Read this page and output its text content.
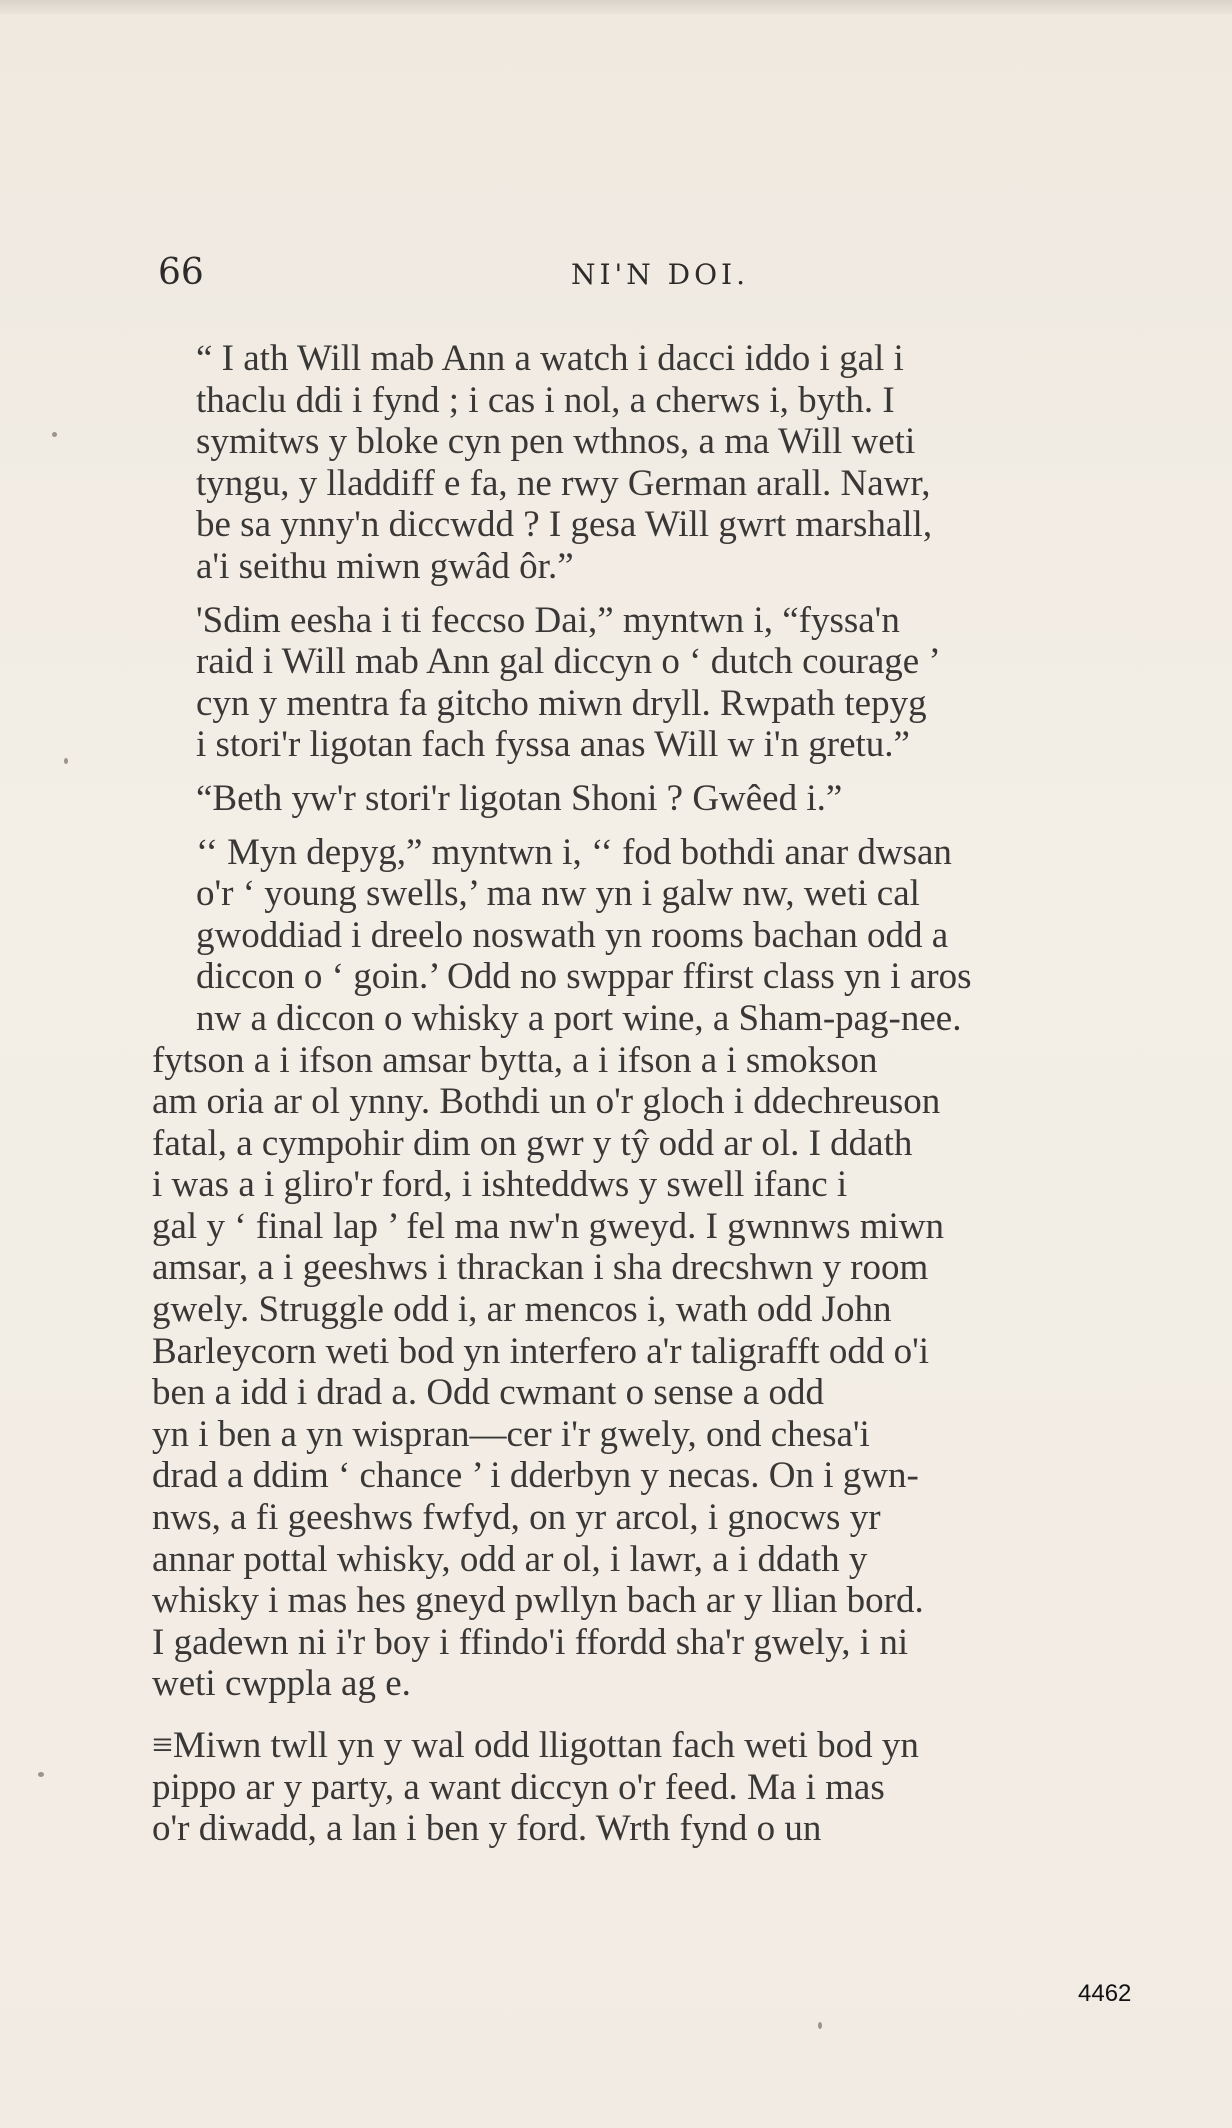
66	NI'N DOI.

“ I ath Will mab Ann a watch i dacci iddo i gal i
thaclu ddi i fynd ; i cas i nol, a cherws i, byth. I
symitws y bloke cyn pen wthnos, a ma Will weti
tyngu, y lladdiff e fa, ne rwy German arall. Nawr,
be sa ynny'n diccwdd ? I gesa Will gwrt marshall,
a'i seithu miwn gwâd ôr.”

'Sdim eesha i ti feccso Dai,” myntwn i, “fyssa'n
raid i Will mab Ann gal diccyn o ‘ dutch courage ’
cyn y mentra fa gitcho miwn dryll. Rwpath tepyg
i stori'r ligotan fach fyssa anas Will w i'n gretu.”

“Beth yw'r stori'r ligotan Shoni ? Gwêed i.”

‘‘ Myn depyg,” myntwn i, ‘‘ fod bothdi anar dwsan
o'r ‘ young swells,’ ma nw yn i galw nw, weti cal
gwoddiad i dreelo noswath yn rooms bachan odd a
diccon o ‘ goin.’ Odd no swppar ffirst class yn i aros
nw a diccon o whisky a port wine, a Sham-pag-nee.

fytson a i ifson amsar bytta, a i ifson a i smokson
am oria ar ol ynny. Bothdi un o'r gloch i ddechreuson
fatal, a cympohir dim on gwr y tŷ odd ar ol. I ddath
i was a i gliro'r ford, i ishteddws y swell ifanc i
gal y ‘ final lap ’ fel ma nw'n gweyd. I gwnnws miwn
amsar, a i geeshws i thrackan i sha drecshwn y room
gwely. Struggle odd i, ar mencos i, wath odd John
Barleycorn weti bod yn interfero a'r taligrafft odd o'i
ben a idd i drad a. Odd cwmant o sense a odd
yn i ben a yn wispran—cer i'r gwely, ond chesa'i
drad a ddim ‘ chance ’ i dderbyn y necas. On i gwn-
nws, a fi geeshws fwfyd, on yr arcol, i gnocws yr
annar pottal whisky, odd ar ol, i lawr, a i ddath y
whisky i mas hes gneyd pwllyn bach ar y llian bord.
I gadewn ni i'r boy i ffindo'i ffordd sha'r gwely, i ni
weti cwppla ag e.

≡Miwn twll yn y wal odd lligottan fach weti bod yn
pippo ar y party, a want diccyn o'r feed. Ma i mas
o'r diwadd, a lan i ben y ford. Wrth fynd o un

4462
